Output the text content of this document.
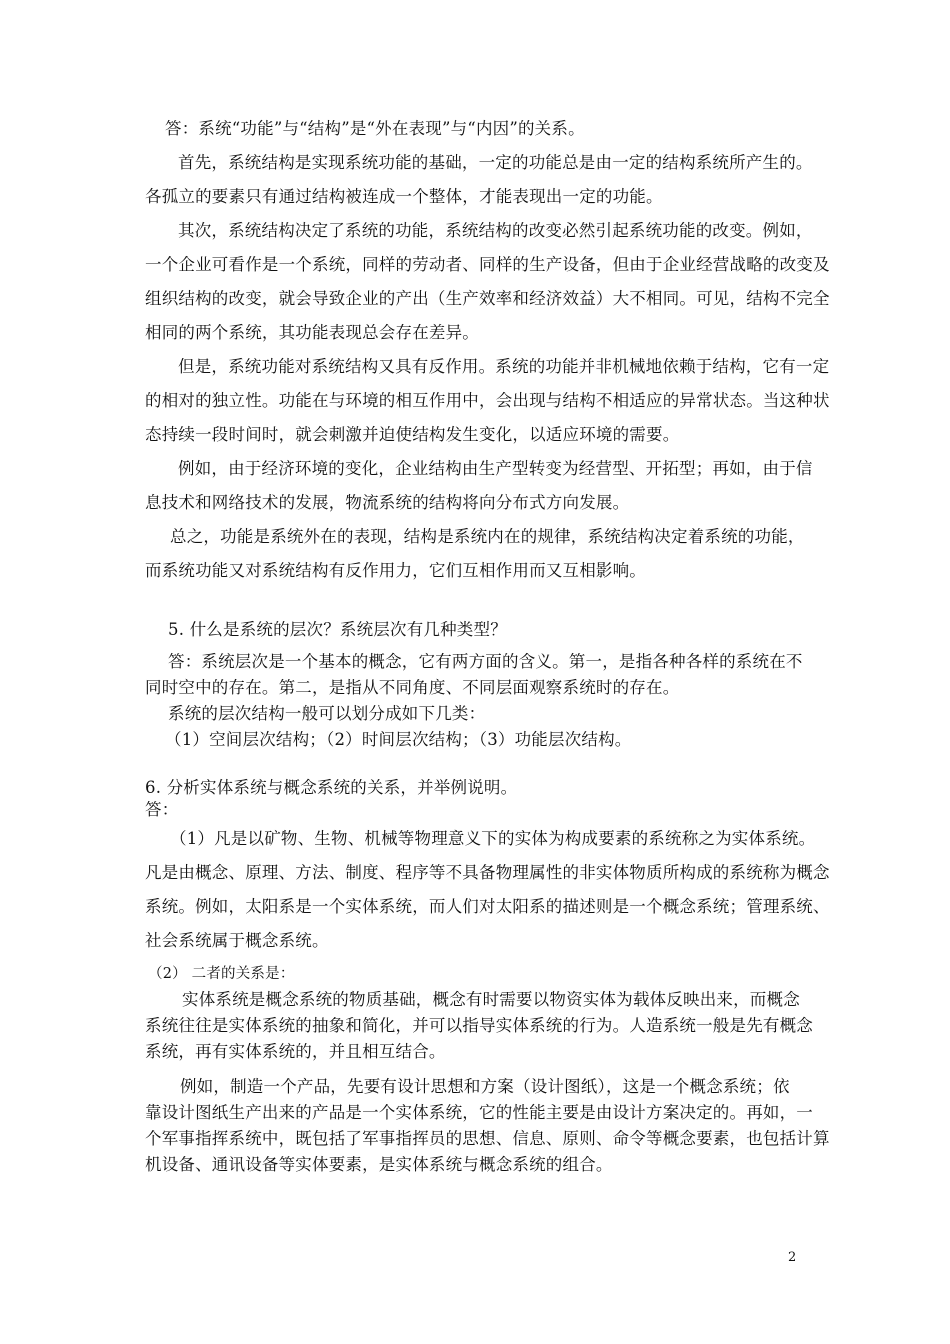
答：系统“功能”与“结构”是“外在表现”与“内因”的关系。
首先，系统结构是实现系统功能的基础，一定的功能总是由一定的结构系统所产生的。
各孤立的要素只有通过结构被连成一个整体，才能表现出一定的功能。
其次，系统结构决定了系统的功能，系统结构的改变必然引起系统功能的改变。例如，
一个企业可看作是一个系统，同样的劳动者、同样的生产设备，但由于企业经营战略的改变及
组织结构的改变，就会导致企业的产出（生产效率和经济效益）大不相同。可见，结构不完全
相同的两个系统，其功能表现总会存在差异。
但是，系统功能对系统结构又具有反作用。系统的功能并非机械地依赖于结构，它有一定
的相对的独立性。功能在与环境的相互作用中，会出现与结构不相适应的异常状态。当这种状
态持续一段时间时，就会刺激并迫使结构发生变化，以适应环境的需要。
例如，由于经济环境的变化，企业结构由生产型转变为经营型、开拓型；再如，由于信
息技术和网络技术的发展，物流系统的结构将向分布式方向发展。
总之，功能是系统外在的表现，结构是系统内在的规律，系统结构决定着系统的功能，
而系统功能又对系统结构有反作用力，它们互相作用而又互相影响。
5. 什么是系统的层次？系统层次有几种类型？
答：系统层次是一个基本的概念，它有两方面的含义。第一，是指各种各样的系统在不
同时空中的存在。第二，是指从不同角度、不同层面观察系统时的存在。
系统的层次结构一般可以划分成如下几类：
（1）空间层次结构；（2）时间层次结构；（3）功能层次结构。
6. 分析实体系统与概念系统的关系，并举例说明。
答：
（1）凡是以矿物、生物、机械等物理意义下的实体为构成要素的系统称之为实体系统。
凡是由概念、原理、方法、制度、程序等不具备物理属性的非实体物质所构成的系统称为概念
系统。例如，太阳系是一个实体系统，而人们对太阳系的描述则是一个概念系统；管理系统、
社会系统属于概念系统。
（2） 二者的关系是：
实体系统是概念系统的物质基础，概念有时需要以物资实体为载体反映出来，而概念
系统往往是实体系统的抽象和简化，并可以指导实体系统的行为。人造系统一般是先有概念
系统，再有实体系统的，并且相互结合。
例如，制造一个产品，先要有设计思想和方案（设计图纸），这是一个概念系统；依
靠设计图纸生产出来的产品是一个实体系统，它的性能主要是由设计方案决定的。再如，一
个军事指挥系统中，既包括了军事指挥员的思想、信息、原则、命令等概念要素，也包括计算
机设备、通讯设备等实体要素，是实体系统与概念系统的组合。
2
